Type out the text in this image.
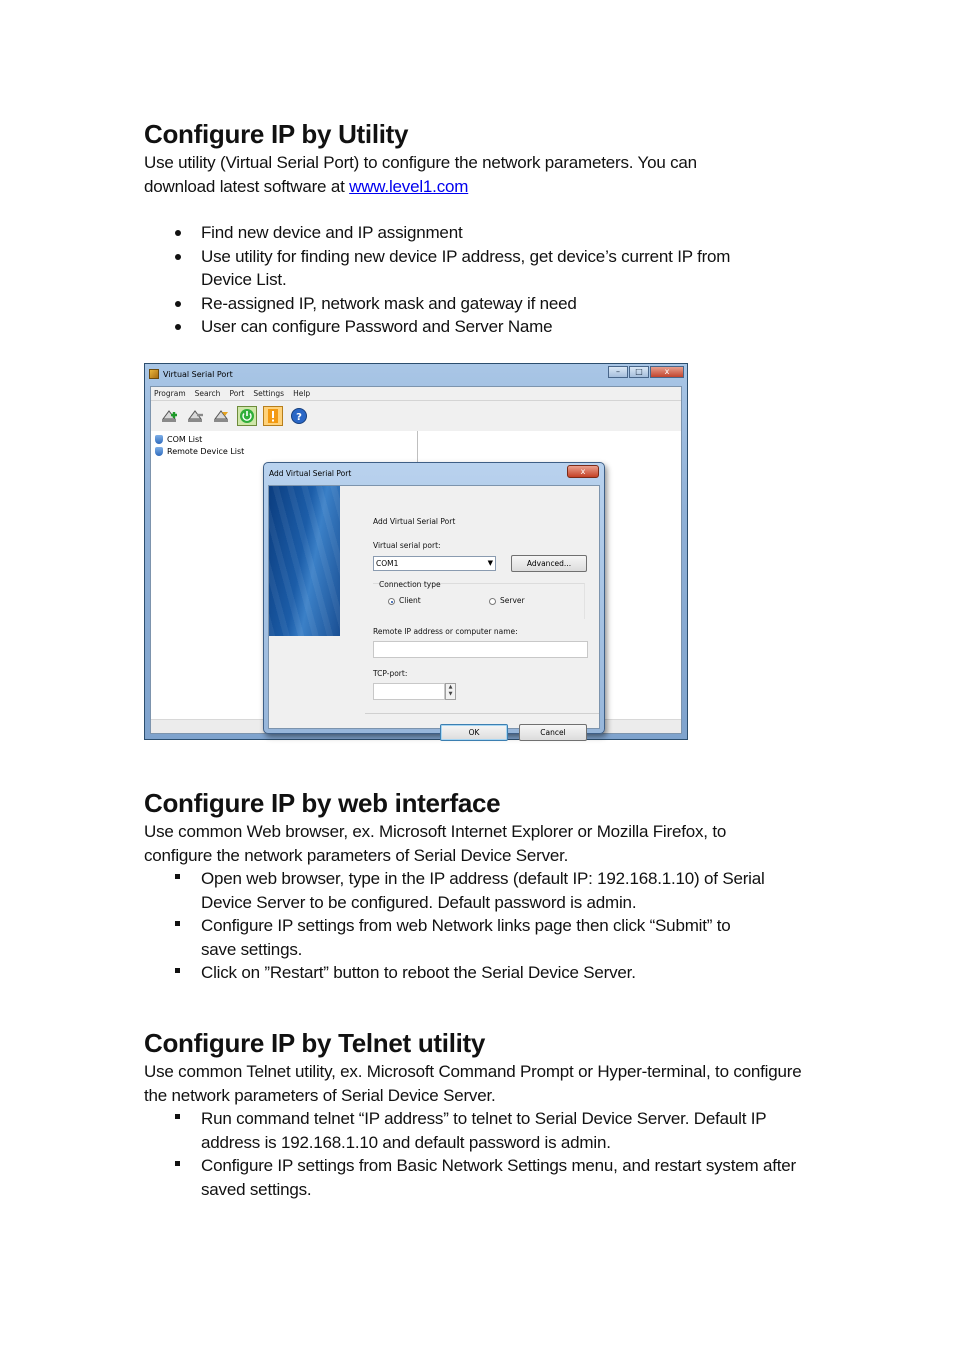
Configure IP by Utility

Use utility (Virtual Serial Port) to configure the network parameters. You can
download latest software at www.level1.com

Find new device and IP assignment
Use utility for finding new device IP address, get device’s current IP from Device List.
Re-assigned IP, network mask and gateway if need
User can configure Password and Server Name
Virtual Serial Port	–	□	x
Program Search Port Settings Help
?
COM List
Remote Device List
Add Virtual Serial Port	x
Add Virtual Serial Port
Virtual serial port:
COM1	▼	Advanced...
Connection type
Client	Server
Remote IP address or computer name:
TCP-port:
▲
▼
OK	Cancel
Configure IP by web interface

Use common Web browser, ex. Microsoft Internet Explorer or Mozilla Firefox, to configure the network parameters of Serial Device Server.

Open web browser, type in the IP address (default IP: 192.168.1.10) of Serial Device Server to be configured. Default password is admin.
Configure IP settings from web Network links page then click “Submit” to save settings.
Click on ”Restart” button to reboot the Serial Device Server.
Configure IP by Telnet utility

Use common Telnet utility, ex. Microsoft Command Prompt or Hyper-terminal, to configure the network parameters of Serial Device Server.

Run command telnet “IP address” to telnet to Serial Device Server. Default IP address is 192.168.1.10 and default password is admin.
Configure IP settings from Basic Network Settings menu, and restart system after saved settings.
